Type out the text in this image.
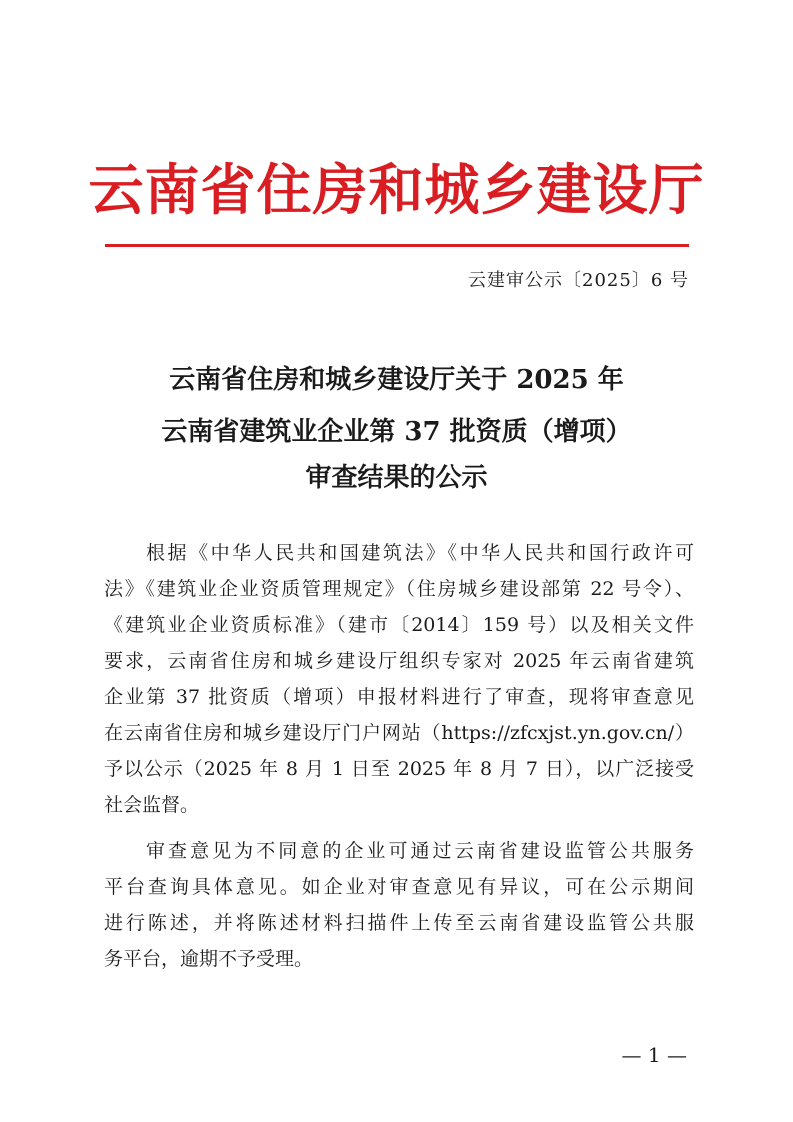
云南省住房和城乡建设厅
云建审公示〔2025〕6 号
云南省住房和城乡建设厅关于 2025 年
云南省建筑业企业第 37 批资质（增项）
审查结果的公示
根据《中华人民共和国建筑法》《中华人民共和国行政许可
法》《建筑业企业资质管理规定》（住房城乡建设部第 22 号令）、
《建筑业企业资质标准》（建市〔2014〕159 号）以及相关文件
要求，云南省住房和城乡建设厅组织专家对 2025 年云南省建筑
企业第 37 批资质（增项）申报材料进行了审查，现将审查意见
在云南省住房和城乡建设厅门户网站（https://zfcxjst.yn.gov.cn/）
予以公示（2025 年 8 月 1 日至 2025 年 8 月 7 日），以广泛接受
社会监督。
审查意见为不同意的企业可通过云南省建设监管公共服务
平台查询具体意见。如企业对审查意见有异议，可在公示期间
进行陈述，并将陈述材料扫描件上传至云南省建设监管公共服
务平台，逾期不予受理。
— 1 —
